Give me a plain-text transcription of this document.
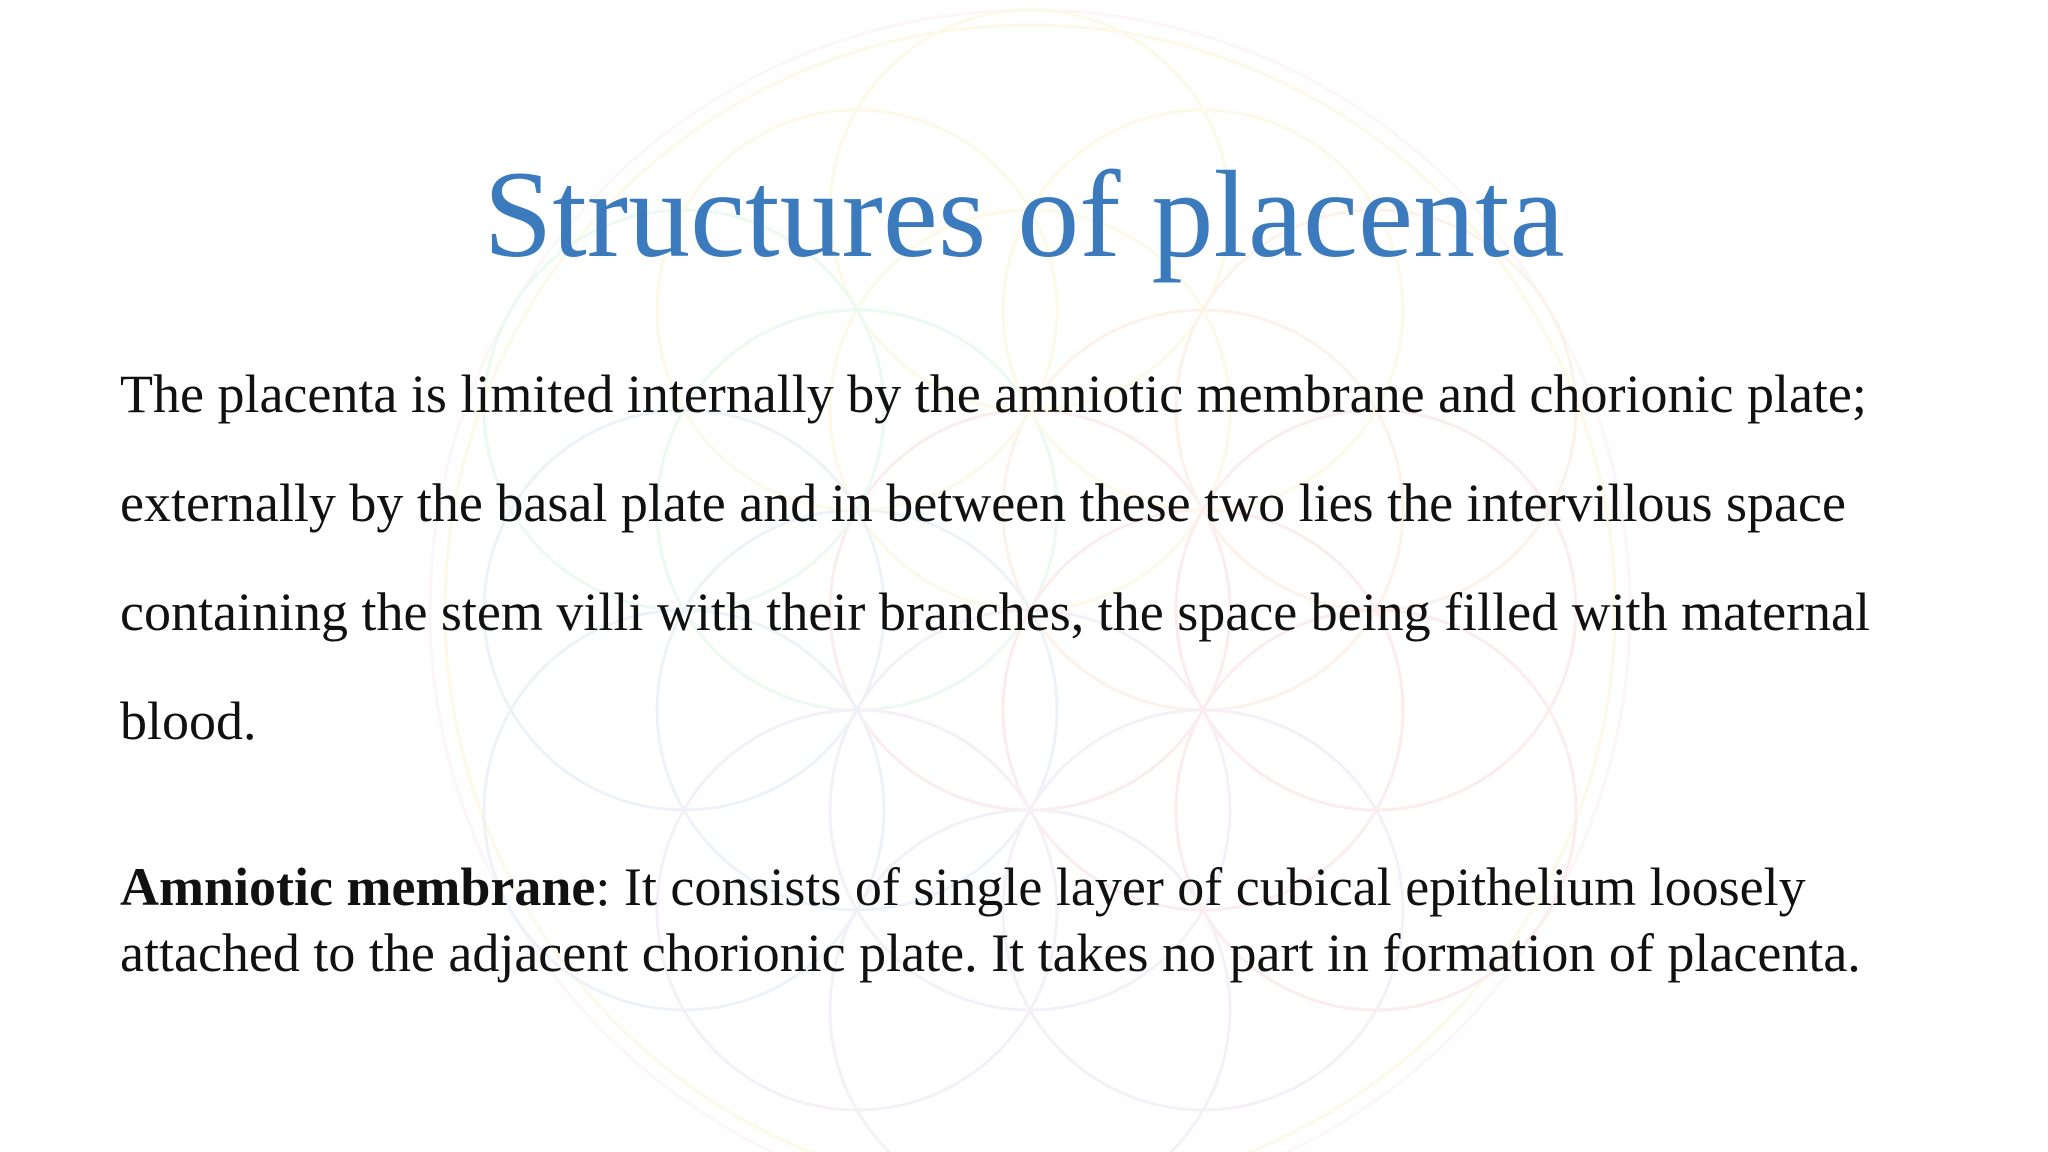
Structures of placenta

The placenta is limited internally by the amniotic membrane and chorionic plate; externally by the basal plate and in between these two lies the intervillous space containing the stem villi with their branches, the space being filled with maternal blood.

Amniotic membrane: It consists of single layer of cubical epithelium loosely attached to the adjacent chorionic plate. It takes no part in formation of placenta.
